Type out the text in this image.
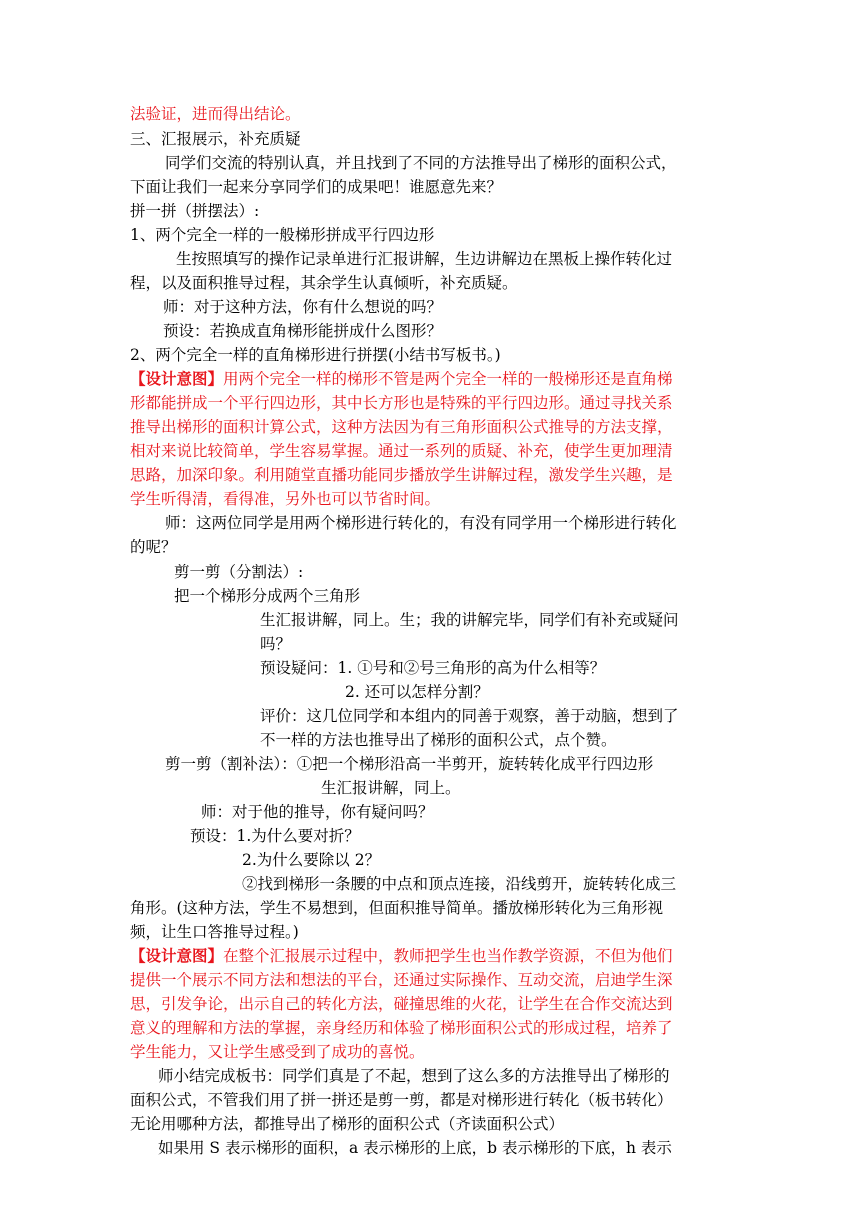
法验证，进而得出结论。
三、汇报展示，补充质疑
同学们交流的特别认真，并且找到了不同的方法推导出了梯形的面积公式，
下面让我们一起来分享同学们的成果吧！谁愿意先来？
拼一拼（拼摆法）:
1、两个完全一样的一般梯形拼成平行四边形
生按照填写的操作记录单进行汇报讲解，生边讲解边在黑板上操作转化过
程，以及面积推导过程，其余学生认真倾听，补充质疑。
师：对于这种方法，你有什么想说的吗？
预设：若换成直角梯形能拼成什么图形？
2、两个完全一样的直角梯形进行拼摆(小结书写板书。)
【设计意图】用两个完全一样的梯形不管是两个完全一样的一般梯形还是直角梯
形都能拼成一个平行四边形，其中长方形也是特殊的平行四边形。通过寻找关系
推导出梯形的面积计算公式，这种方法因为有三角形面积公式推导的方法支撑，
相对来说比较简单，学生容易掌握。通过一系列的质疑、补充，使学生更加理清
思路，加深印象。利用随堂直播功能同步播放学生讲解过程，激发学生兴趣，是
学生听得清，看得准，另外也可以节省时间。
师：这两位同学是用两个梯形进行转化的，有没有同学用一个梯形进行转化
的呢？
剪一剪（分割法）:
把一个梯形分成两个三角形
生汇报讲解，同上。生；我的讲解完毕，同学们有补充或疑问
吗？
预设疑问：1. ①号和②号三角形的高为什么相等？
2. 还可以怎样分割？
评价：这几位同学和本组内的同善于观察，善于动脑，想到了
不一样的方法也推导出了梯形的面积公式，点个赞。
剪一剪（割补法）：①把一个梯形沿高一半剪开，旋转转化成平行四边形
生汇报讲解，同上。
师：对于他的推导，你有疑问吗？
预设：1.为什么要对折？
2.为什么要除以 2？
②找到梯形一条腰的中点和顶点连接，沿线剪开，旋转转化成三
角形。(这种方法，学生不易想到，但面积推导简单。播放梯形转化为三角形视
频，让生口答推导过程。)
【设计意图】在整个汇报展示过程中，教师把学生也当作教学资源，不但为他们
提供一个展示不同方法和想法的平台，还通过实际操作、互动交流，启迪学生深
思，引发争论，出示自己的转化方法，碰撞思维的火花，让学生在合作交流达到
意义的理解和方法的掌握，亲身经历和体验了梯形面积公式的形成过程，培养了
学生能力，又让学生感受到了成功的喜悦。
师小结完成板书：同学们真是了不起，想到了这么多的方法推导出了梯形的
面积公式，不管我们用了拼一拼还是剪一剪，都是对梯形进行转化（板书转化）
无论用哪种方法，都推导出了梯形的面积公式（齐读面积公式）
如果用 S 表示梯形的面积，a 表示梯形的上底，b 表示梯形的下底，h 表示
